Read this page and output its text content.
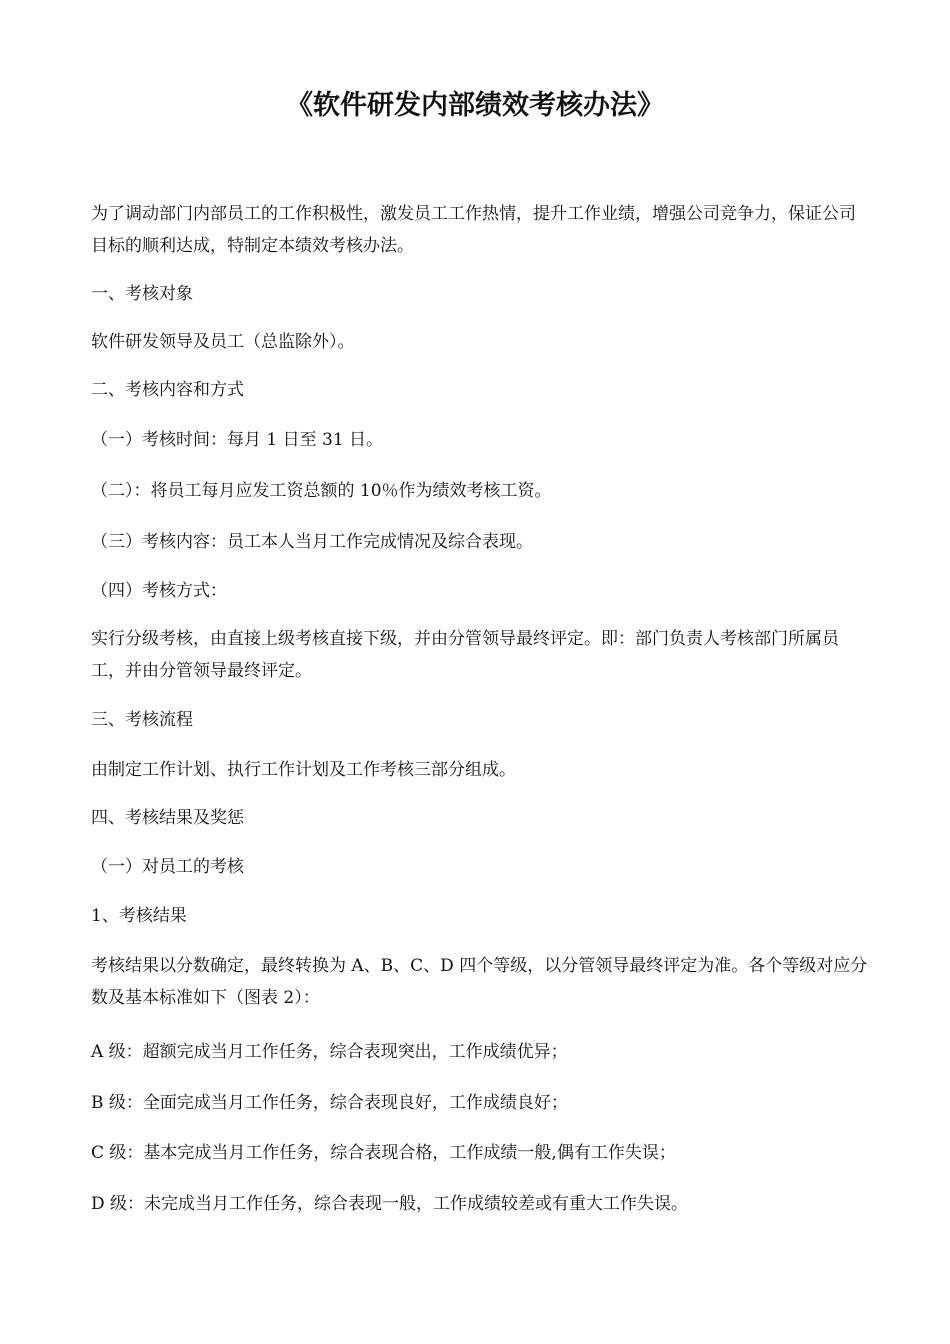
《软件研发内部绩效考核办法》

为了调动部门内部员工的工作积极性，激发员工工作热情，提升工作业绩，增强公司竞争力，保证公司目标的顺利达成，特制定本绩效考核办法。

一、考核对象

软件研发领导及员工（总监除外）。

二、考核内容和方式

（一）考核时间：每月 1 日至 31 日。

（二）：将员工每月应发工资总额的 10％作为绩效考核工资。

（三）考核内容：员工本人当月工作完成情况及综合表现。

（四）考核方式：

实行分级考核，由直接上级考核直接下级，并由分管领导最终评定。即：部门负责人考核部门所属员工，并由分管领导最终评定。

三、考核流程

由制定工作计划、执行工作计划及工作考核三部分组成。

四、考核结果及奖惩

（一）对员工的考核

1、考核结果

考核结果以分数确定，最终转换为 A、B、C、D 四个等级，以分管领导最终评定为准。各个等级对应分数及基本标准如下（图表 2）：

A 级：超额完成当月工作任务，综合表现突出，工作成绩优异；

B 级：全面完成当月工作任务，综合表现良好，工作成绩良好；

C 级：基本完成当月工作任务，综合表现合格，工作成绩一般,偶有工作失误；

D 级：未完成当月工作任务，综合表现一般，工作成绩较差或有重大工作失误。
